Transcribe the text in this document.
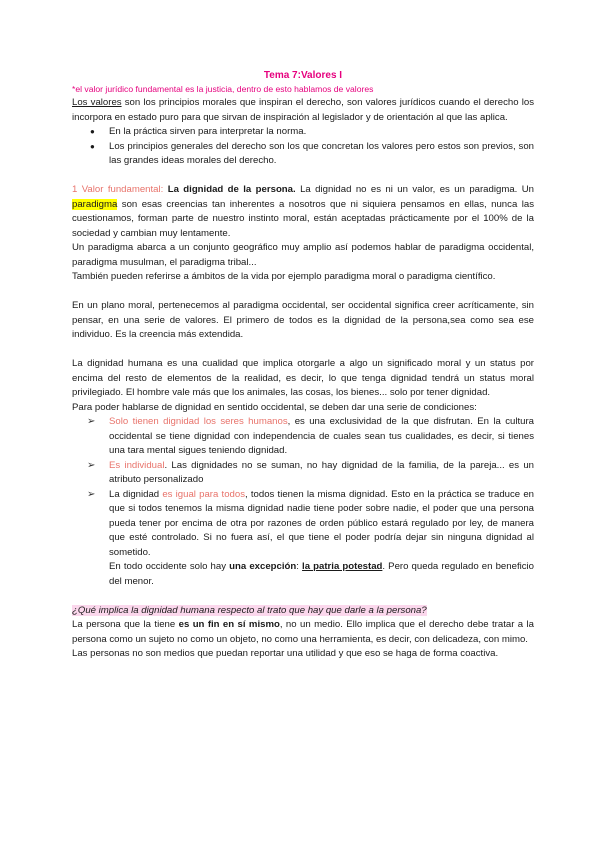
Tema 7:Valores I
*el valor jurídico fundamental es la justicia, dentro de esto hablamos de valores

Los valores son los principios morales que inspiran el derecho, son valores jurídicos cuando el derecho los incorpora en estado puro para que sirvan de inspiración al legislador y de orientación al que las aplica.

● En la práctica sirven para interpretar la norma.
● Los principios generales del derecho son los que concretan los valores pero estos son previos, son las grandes ideas morales del derecho.

1 Valor fundamental: La dignidad de la persona. La dignidad no es ni un valor, es un paradigma. Un paradigma son esas creencias tan inherentes a nosotros que ni siquiera pensamos en ellas, nunca las cuestionamos, forman parte de nuestro instinto moral, están aceptadas prácticamente por el 100% de la sociedad y cambian muy lentamente.

Un paradigma abarca a un conjunto geográfico muy amplio así podemos hablar de paradigma occidental, paradigma musulman, el paradigma tribal...

También pueden referirse a ámbitos de la vida por ejemplo paradigma moral o paradigma científico.

En un plano moral, pertenecemos al paradigma occidental, ser occidental significa creer acríticamente, sin pensar, en una serie de valores. El primero de todos es la dignidad de la persona,sea como sea ese individuo. Es la creencia más extendida.

La dignidad humana es una cualidad que implica otorgarle a algo un significado moral y un status por encima del resto de elementos de la realidad, es decir, lo que tenga dignidad tendrá un status moral privilegiado. El hombre vale más que los animales, las cosas, los bienes... solo por tener dignidad.

Para poder hablarse de dignidad en sentido occidental, se deben dar una serie de condiciones:

➢ Solo tienen dignidad los seres humanos, es una exclusividad de la que disfrutan. En la cultura occidental se tiene dignidad con independencia de cuales sean tus cualidades, es decir, si tienes una tara mental sigues teniendo dignidad.
➢ Es individual. Las dignidades no se suman, no hay dignidad de la familia, de la pareja... es un atributo personalizado
➢ La dignidad es igual para todos, todos tienen la misma dignidad. Esto en la práctica se traduce en que si todos tenemos la misma dignidad nadie tiene poder sobre nadie, el poder que una persona pueda tener por encima de otra por razones de orden público estará regulado por ley, de manera que esté controlado. Si no fuera así, el que tiene el poder podría dejar sin ninguna dignidad al sometido.

En todo occidente solo hay una excepción: la patria potestad. Pero queda regulado en beneficio del menor.

¿Qué implica la dignidad humana respecto al trato que hay que darle a la persona?

La persona que la tiene es un fin en sí mismo, no un medio. Ello implica que el derecho debe tratar a la persona como un sujeto no como un objeto, no como una herramienta, es decir, con delicadeza, con mimo.

Las personas no son medios que puedan reportar una utilidad y que eso se haga de forma coactiva.
